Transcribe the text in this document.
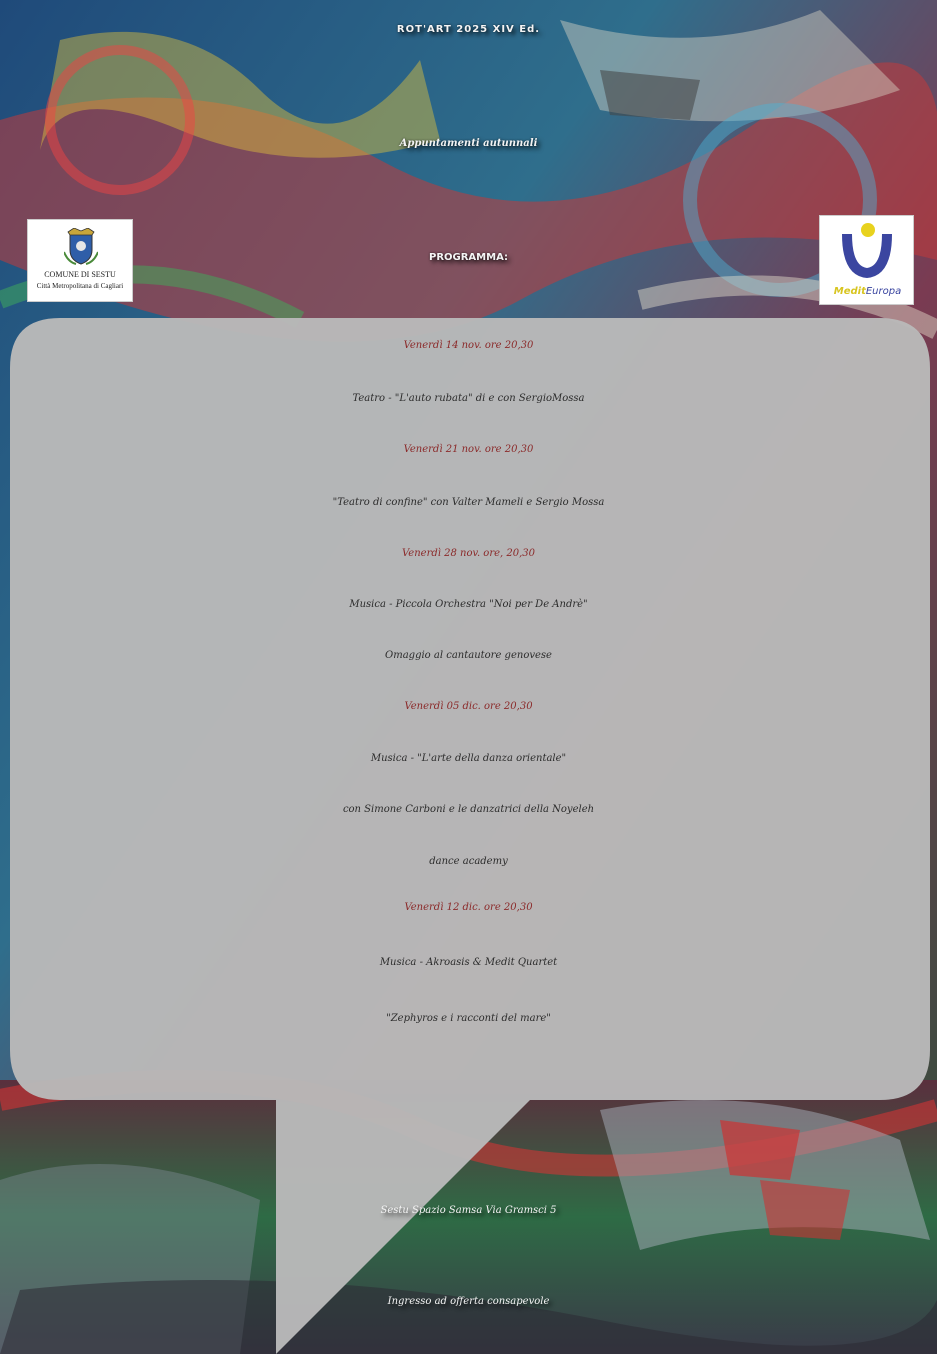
ROT'ART 2025 XIV Ed.
Appuntamenti autunnali
PROGRAMMA:
COMUNE DI SESTU
Città Metropolitana di Cagliari	MeditEuropa
Venerdì 14 nov. ore 20,30
Teatro - "L'auto rubata" di e con SergioMossa
Venerdì 21 nov. ore 20,30
"Teatro di confine" con Valter Mameli e Sergio Mossa
Venerdì 28 nov. ore, 20,30
Musica - Piccola Orchestra "Noi per De Andrè"
Omaggio al cantautore genovese
Venerdì 05 dic. ore 20,30
Musica - "L'arte della danza orientale"
con Simone Carboni e le danzatrici della Noyeleh
dance academy
Venerdì 12 dic. ore 20,30
Musica - Akroasis & Medit Quartet
"Zephyros e i racconti del mare"
Sestu Spazio Samsa Via Gramsci 5
Ingresso ad offerta consapevole
